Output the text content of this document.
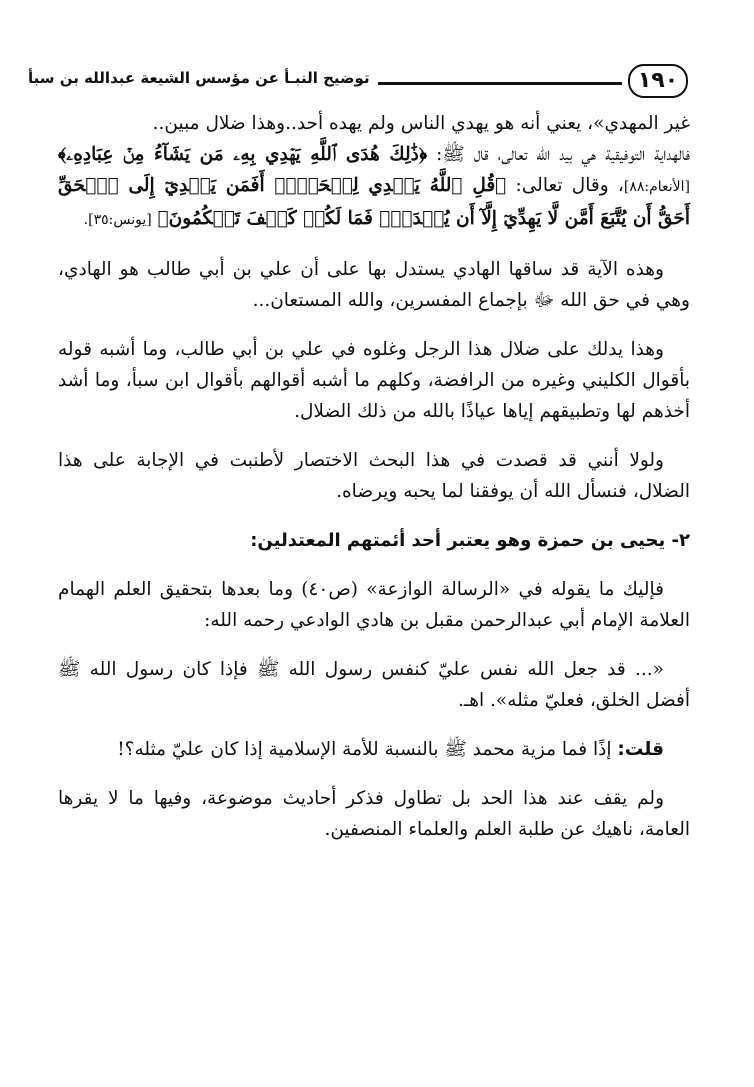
١٩٠
توضيح النبـأ عن مؤسس الشيعة عبدالله بن سبأ

غير المهدي»، يعني أنه هو يهدي الناس ولم يهده أحد..وهذا ضلال مبين..

فالهداية التوفيقية هي بيد الله تعالى، قال ﷺ: ﴿ذَٰلِكَ هُدَى ٱللَّهِ يَهۡدِي بِهِۦ مَن يَشَآءُ مِنۡ عِبَادِهِۦ﴾ [الأنعام:٨٨]، وقال تعالى: ﴿قُلِ ٱللَّهُ يَهۡدِي لِلۡحَقِّۗ أَفَمَن يَهۡدِيٓ إِلَى ٱلۡحَقِّ أَحَقُّ أَن يُتَّبَعَ أَمَّن لَّا يَهِدِّيٓ إِلَّآ أَن يُهۡدَىٰۖ فَمَا لَكُمۡ كَيۡفَ تَحۡكُمُونَ﴾ [يونس:٣٥].

وهذه الآية قد ساقها الهادي يستدل بها على أن علي بن أبي طالب هو الهادي، وهي في حق الله ﷻ بإجماع المفسرين، والله المستعان...

وهذا يدلك على ضلال هذا الرجل وغلوه في علي بن أبي طالب، وما أشبه قوله بأقوال الكليني وغيره من الرافضة، وكلهم ما أشبه أقوالهم بأقوال ابن سبأ، وما أشد أخذهم لها وتطبيقهم إياها عياذًا بالله من ذلك الضلال.

ولولا أنني قد قصدت في هذا البحث الاختصار لأطنبت في الإجابة على هذا الضلال، فنسأل الله أن يوفقنا لما يحبه ويرضاه.

٢- يحيى بن حمزة وهو يعتبر أحد أئمتهم المعتدلين:

فإليك ما يقوله في «الرسالة الوازعة» (ص٤٠) وما بعدها بتحقيق العلم الهمام العلامة الإمام أبي عبدالرحمن مقبل بن هادي الوادعي رحمه الله:

«... قد جعل الله نفس عليّ كنفس رسول الله ﷺ فإذا كان رسول الله ﷺ أفضل الخلق، فعليّ مثله». اهـ.

قلت: إذًا فما مزية محمد ﷺ بالنسبة للأمة الإسلامية إذا كان عليّ مثله؟!

ولم يقف عند هذا الحد بل تطاول فذكر أحاديث موضوعة، وفيها ما لا يقرها العامة، ناهيك عن طلبة العلم والعلماء المنصفين.
